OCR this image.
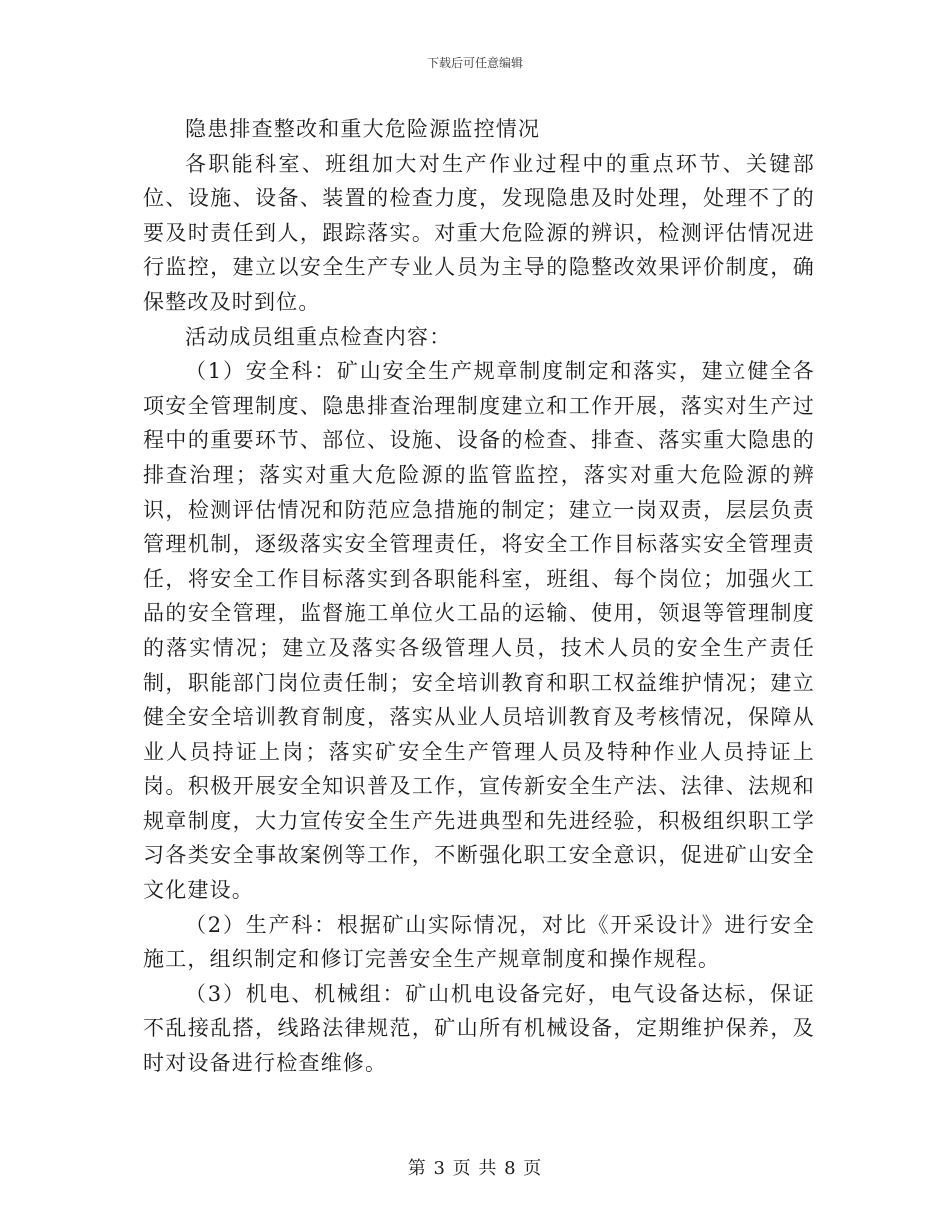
下载后可任意编辑

隐患排查整改和重大危险源监控情况

各职能科室、班组加大对生产作业过程中的重点环节、关键部位、设施、设备、装置的检查力度，发现隐患及时处理，处理不了的要及时责任到人，跟踪落实。对重大危险源的辨识，检测评估情况进行监控，建立以安全生产专业人员为主导的隐整改效果评价制度，确保整改及时到位。

活动成员组重点检查内容：

（1）安全科：矿山安全生产规章制度制定和落实，建立健全各项安全管理制度、隐患排查治理制度建立和工作开展，落实对生产过程中的重要环节、部位、设施、设备的检查、排查、落实重大隐患的排查治理；落实对重大危险源的监管监控，落实对重大危险源的辨识，检测评估情况和防范应急措施的制定；建立一岗双责，层层负责管理机制，逐级落实安全管理责任，将安全工作目标落实安全管理责任，将安全工作目标落实到各职能科室，班组、每个岗位；加强火工品的安全管理，监督施工单位火工品的运输、使用，领退等管理制度的落实情况；建立及落实各级管理人员，技术人员的安全生产责任制，职能部门岗位责任制；安全培训教育和职工权益维护情况；建立健全安全培训教育制度，落实从业人员培训教育及考核情况，保障从业人员持证上岗；落实矿安全生产管理人员及特种作业人员持证上岗。积极开展安全知识普及工作，宣传新安全生产法、法律、法规和规章制度，大力宣传安全生产先进典型和先进经验，积极组织职工学习各类安全事故案例等工作，不断强化职工安全意识，促进矿山安全文化建设。

（2）生产科：根据矿山实际情况，对比《开采设计》进行安全施工，组织制定和修订完善安全生产规章制度和操作规程。

（3）机电、机械组：矿山机电设备完好，电气设备达标，保证不乱接乱搭，线路法律规范，矿山所有机械设备，定期维护保养，及时对设备进行检查维修。

第 3 页 共 8 页
